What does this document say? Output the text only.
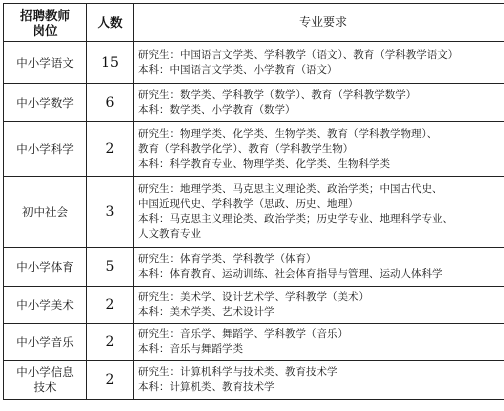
招聘教师
岗位	人数	专业要求

中小学语文	15	研究生：中国语言文学类、学科教学（语文）、教育（学科教学语文）
本科：中国语言文学类、小学教育（语文）

中小学数学	6	研究生：数学类、学科教学（数学）、教育（学科教学数学）
本科：数学类、小学教育（数学）

中小学科学	2	研究生：物理学类、化学类、生物学类、教育（学科教学物理）、
教育（学科教学化学）、教育（学科教学生物）
本科：科学教育专业、物理学类、化学类、生物科学类

初中社会	3	研究生：地理学类、马克思主义理论类、政治学类；中国古代史、
中国近现代史、学科教学（思政、历史、地理）
本科：马克思主义理论类、政治学类；历史学专业、地理科学专业、
人文教育专业

中小学体育	5	研究生：体育学类、学科教学（体育）
本科：体育教育、运动训练、社会体育指导与管理、运动人体科学

中小学美术	2	研究生：美术学、设计艺术学、学科教学（美术）
本科：美术学类、艺术设计学

中小学音乐	2	研究生：音乐学、舞蹈学、学科教学（音乐）
本科：音乐与舞蹈学类

中小学信息
技术	2	研究生：计算机科学与技术类、教育技术学
本科：计算机类、教育技术学
